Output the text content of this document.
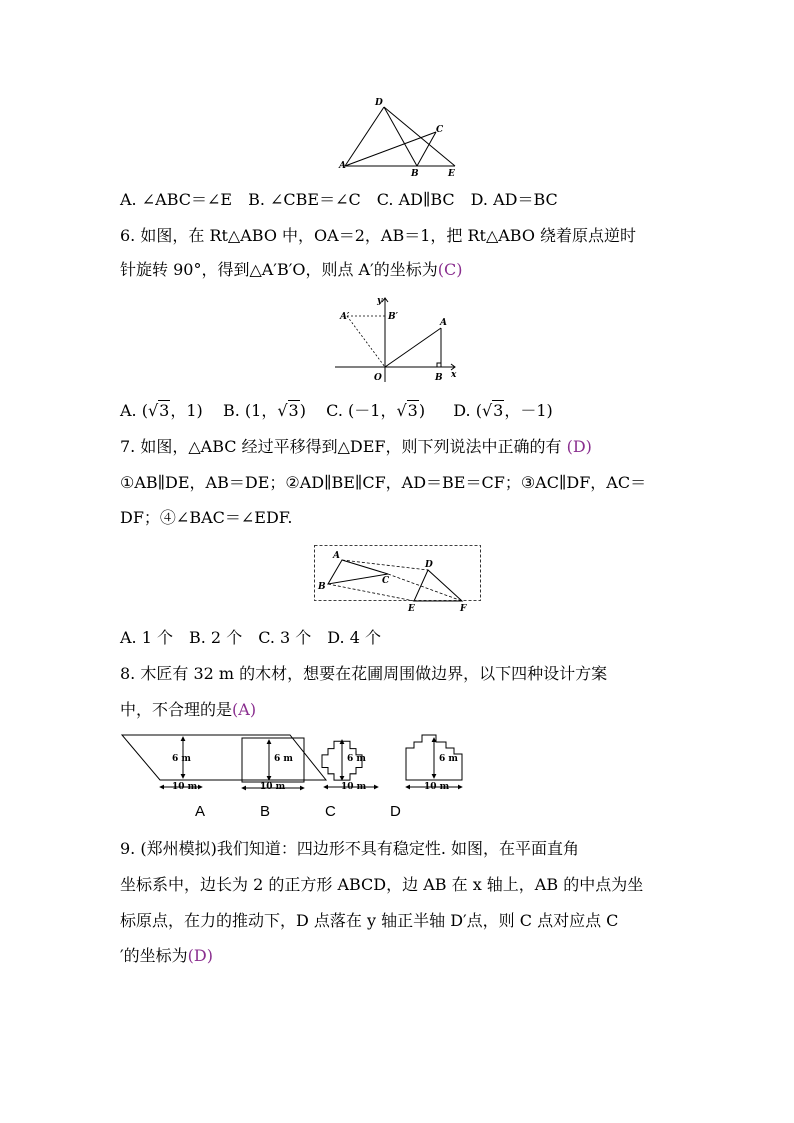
D
A
B
C
E
A. ∠ABC＝∠E　B. ∠CBE＝∠C　C. AD∥BC　D. AD＝BC
6. 如图，在 Rt△ABO 中，OA＝2，AB＝1，把 Rt△ABO 绕着原点逆时
针旋转 90°，得到△A′B′O，则点 A′的坐标为(C)
y
A′	B′
A
O	B x
A. (√3，1) B. (1，√3) C. (－1，√3) D. (√3，－1)
7. 如图，△ABC 经过平移得到△DEF，则下列说法中正确的有 (D)
①AB∥DE，AB＝DE；②AD∥BE∥CF，AD＝BE＝CF；③AC∥DF，AC＝
DF；④∠BAC＝∠EDF.
A
B
C
D
E	F
A. 1 个　B. 2 个　C. 3 个　D. 4 个
8. 木匠有 32 m 的木材，想要在花圃周围做边界，以下四种设计方案
中，不合理的是(A)
6 m
10 m
6 m
10 m
6 m
10 m
6 m
10 m
A	B	C	D
9. (郑州模拟)我们知道：四边形不具有稳定性. 如图，在平面直角
坐标系中，边长为 2 的正方形 ABCD，边 AB 在 x 轴上，AB 的中点为坐
标原点，在力的推动下，D 点落在 y 轴正半轴 D′点，则 C 点对应点 C
′的坐标为(D)
